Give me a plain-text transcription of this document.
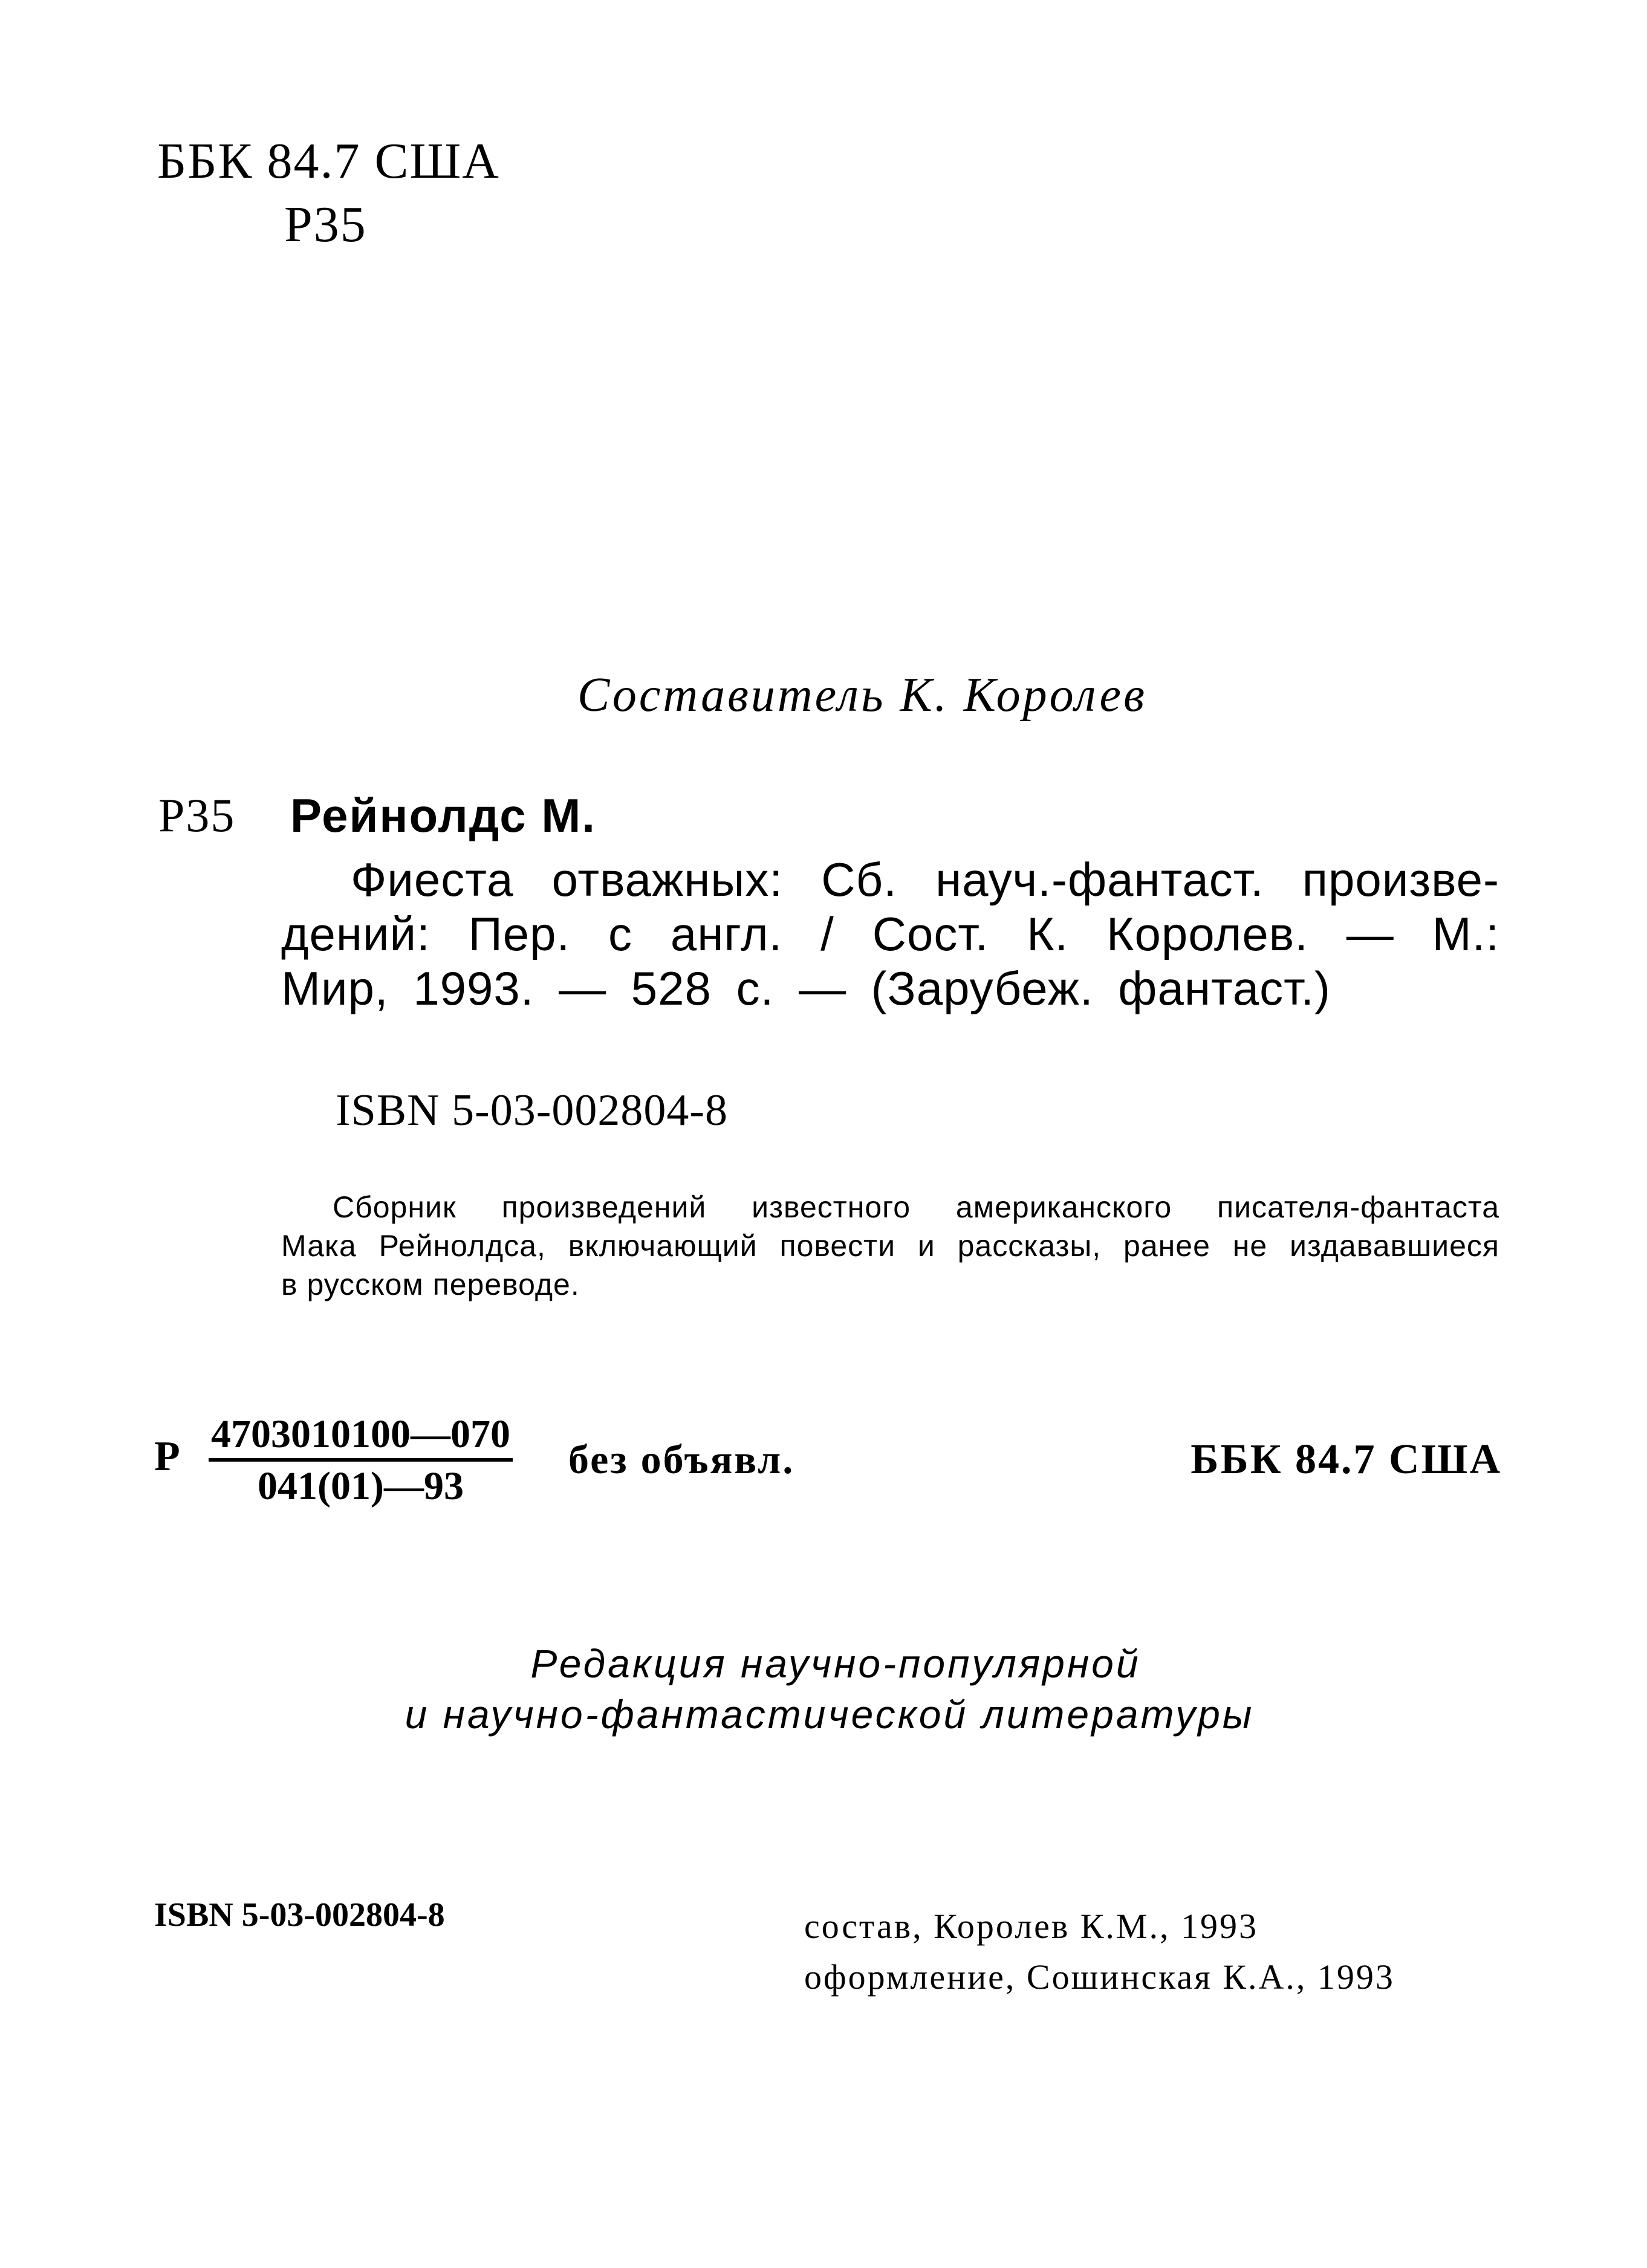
ББК 84.7 США
Р35
Составитель К. Королев
Р35 Рейнолдс М.
Фиеста отважных: Сб. науч.-фантаст. произве-
дений: Пер. с англ. / Сост. К. Королев. — М.:
Мир, 1993. — 528 с. — (Зарубеж. фантаст.)
ISBN 5-03-002804-8
Сборник произведений известного американского писателя-фантаста
Мака Рейнолдса, включающий повести и рассказы, ранее не издававшиеся
в русском переводе.
Р $\frac{4703010100—070}{041(01)—93}$ без объявл.	ББК 84.7 США
Редакция научно-популярной
и научно-фантастической литературы
ISBN 5-03-002804-8	состав, Королев К.М., 1993
оформление, Сошинская К.А., 1993
